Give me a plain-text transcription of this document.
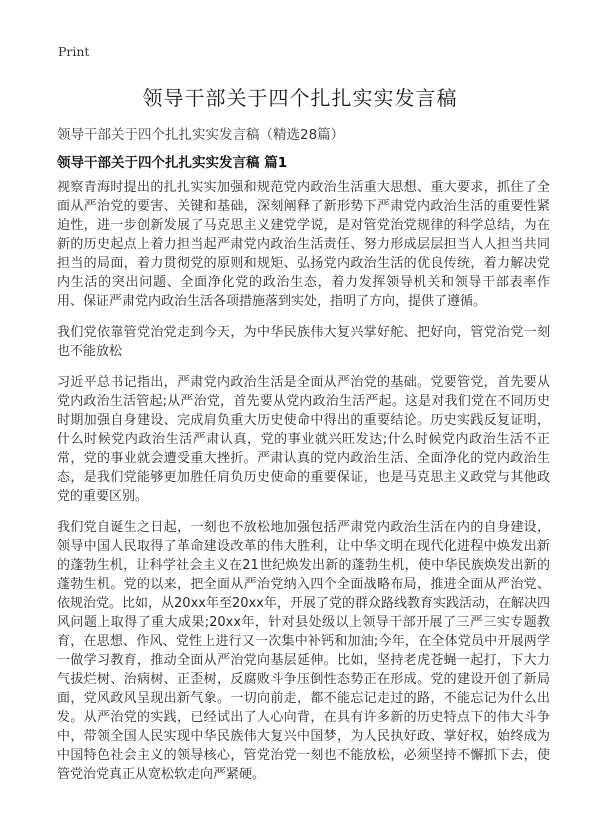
Print
领导干部关于四个扎扎实实发言稿
领导干部关于四个扎扎实实发言稿（精选28篇）
领导干部关于四个扎扎实实发言稿 篇1

视察青海时提出的扎扎实实加强和规范党内政治生活重大思想、重大要求，抓住了全面从严治党的要害、关键和基础，深刻阐释了新形势下严肃党内政治生活的重要性紧迫性，进一步创新发展了马克思主义建党学说，是对管党治党规律的科学总结，为在新的历史起点上着力担当起严肃党内政治生活责任、努力形成层层担当人人担当共同担当的局面，着力贯彻党的原则和规矩、弘扬党内政治生活的优良传统，着力解决党内生活的突出问题、全面净化党的政治生态，着力发挥领导机关和领导干部表率作用、保证严肃党内政治生活各项措施落到实处，指明了方向，提供了遵循。

我们党依靠管党治党走到今天，为中华民族伟大复兴掌好舵、把好向，管党治党一刻也不能放松

习近平总书记指出，严肃党内政治生活是全面从严治党的基础。党要管党，首先要从党内政治生活管起;从严治党，首先要从党内政治生活严起。这是对我们党在不同历史时期加强自身建设、完成肩负重大历史使命中得出的重要结论。历史实践反复证明，什么时候党内政治生活严肃认真，党的事业就兴旺发达;什么时候党内政治生活不正常，党的事业就会遭受重大挫折。严肃认真的党内政治生活、全面净化的党内政治生态，是我们党能够更加胜任肩负历史使命的重要保证，也是马克思主义政党与其他政党的重要区别。

我们党自诞生之日起，一刻也不放松地加强包括严肃党内政治生活在内的自身建设，领导中国人民取得了革命建设改革的伟大胜利，让中华文明在现代化进程中焕发出新的蓬勃生机，让科学社会主义在21世纪焕发出新的蓬勃生机，使中华民族焕发出新的蓬勃生机。党的以来，把全面从严治党纳入四个全面战略布局，推进全面从严治党、依规治党。比如，从20xx年至20xx年，开展了党的群众路线教育实践活动，在解决四风问题上取得了重大成果;20xx年，针对县处级以上领导干部开展了三严三实专题教育，在思想、作风、党性上进行又一次集中补钙和加油;今年，在全体党员中开展两学一做学习教育，推动全面从严治党向基层延伸。比如，坚持老虎苍蝇一起打，下大力气拔烂树、治病树、正歪树，反腐败斗争压倒性态势正在形成。党的建设开创了新局面，党风政风呈现出新气象。一切向前走，都不能忘记走过的路，不能忘记为什么出发。从严治党的实践，已经试出了人心向背，在具有许多新的历史特点下的伟大斗争中，带领全国人民实现中华民族伟大复兴中国梦，为人民执好政、掌好权，始终成为中国特色社会主义的领导核心，管党治党一刻也不能放松，必须坚持不懈抓下去，使管党治党真正从宽松软走向严紧硬。
